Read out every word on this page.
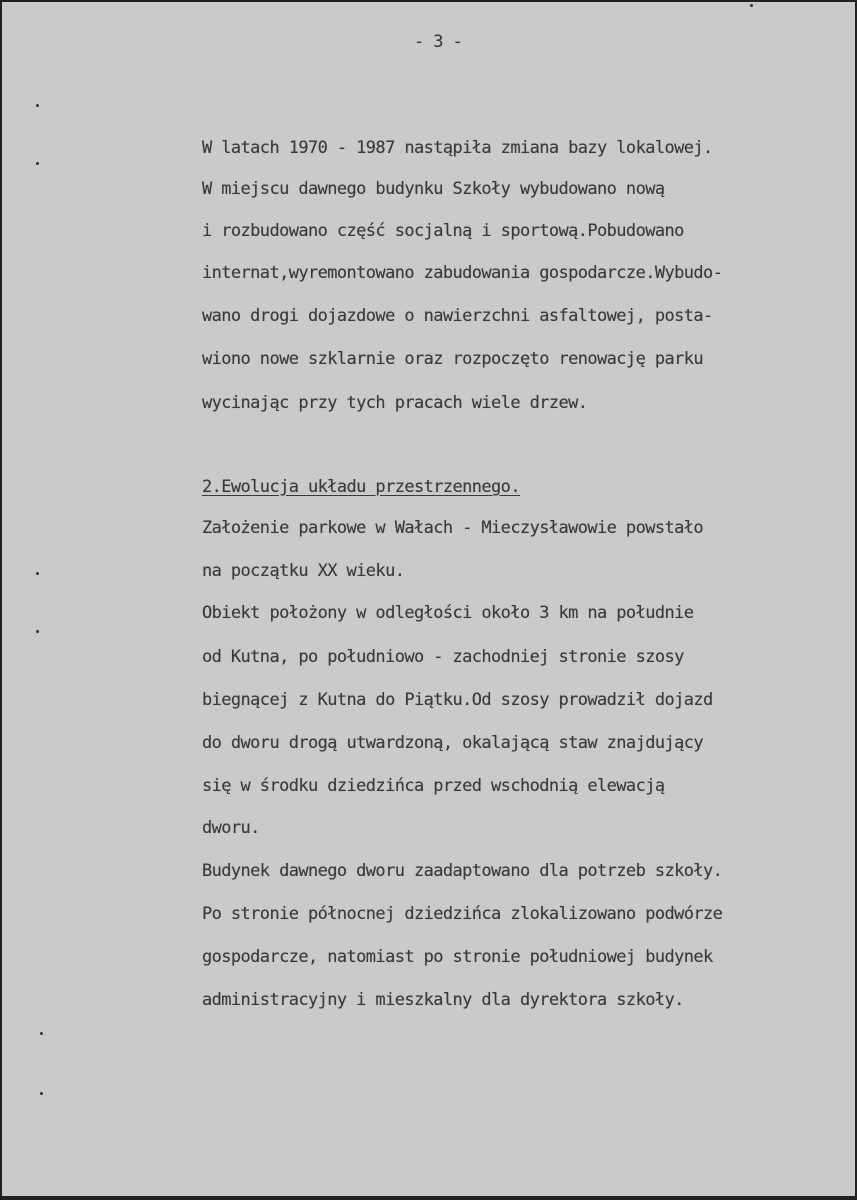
- 3 -
W latach 1970 - 1987 nastąpiła zmiana bazy lokalowej.
W miejscu dawnego budynku Szkoły wybudowano nową
i rozbudowano część socjalną i sportową.Pobudowano
internat,wyremontowano zabudowania gospodarcze.Wybudo-
wano drogi dojazdowe o nawierzchni asfaltowej, posta-
wiono nowe szklarnie oraz rozpoczęto renowację parku
wycinając przy tych pracach wiele drzew.
2.Ewolucja układu przestrzennego.
Założenie parkowe w Wałach - Mieczysławowie powstało
na początku XX wieku.
Obiekt położony w odległości około 3 km na południe
od Kutna, po południowo - zachodniej stronie szosy
biegnącej z Kutna do Piątku.Od szosy prowadził dojazd
do dworu drogą utwardzoną, okalającą staw znajdujący
się w środku dziedzińca przed wschodnią elewacją
dworu.
Budynek dawnego dworu zaadaptowano dla potrzeb szkoły.
Po stronie północnej dziedzińca zlokalizowano podwórze
gospodarcze, natomiast po stronie południowej budynek
administracyjny i mieszkalny dla dyrektora szkoły.
